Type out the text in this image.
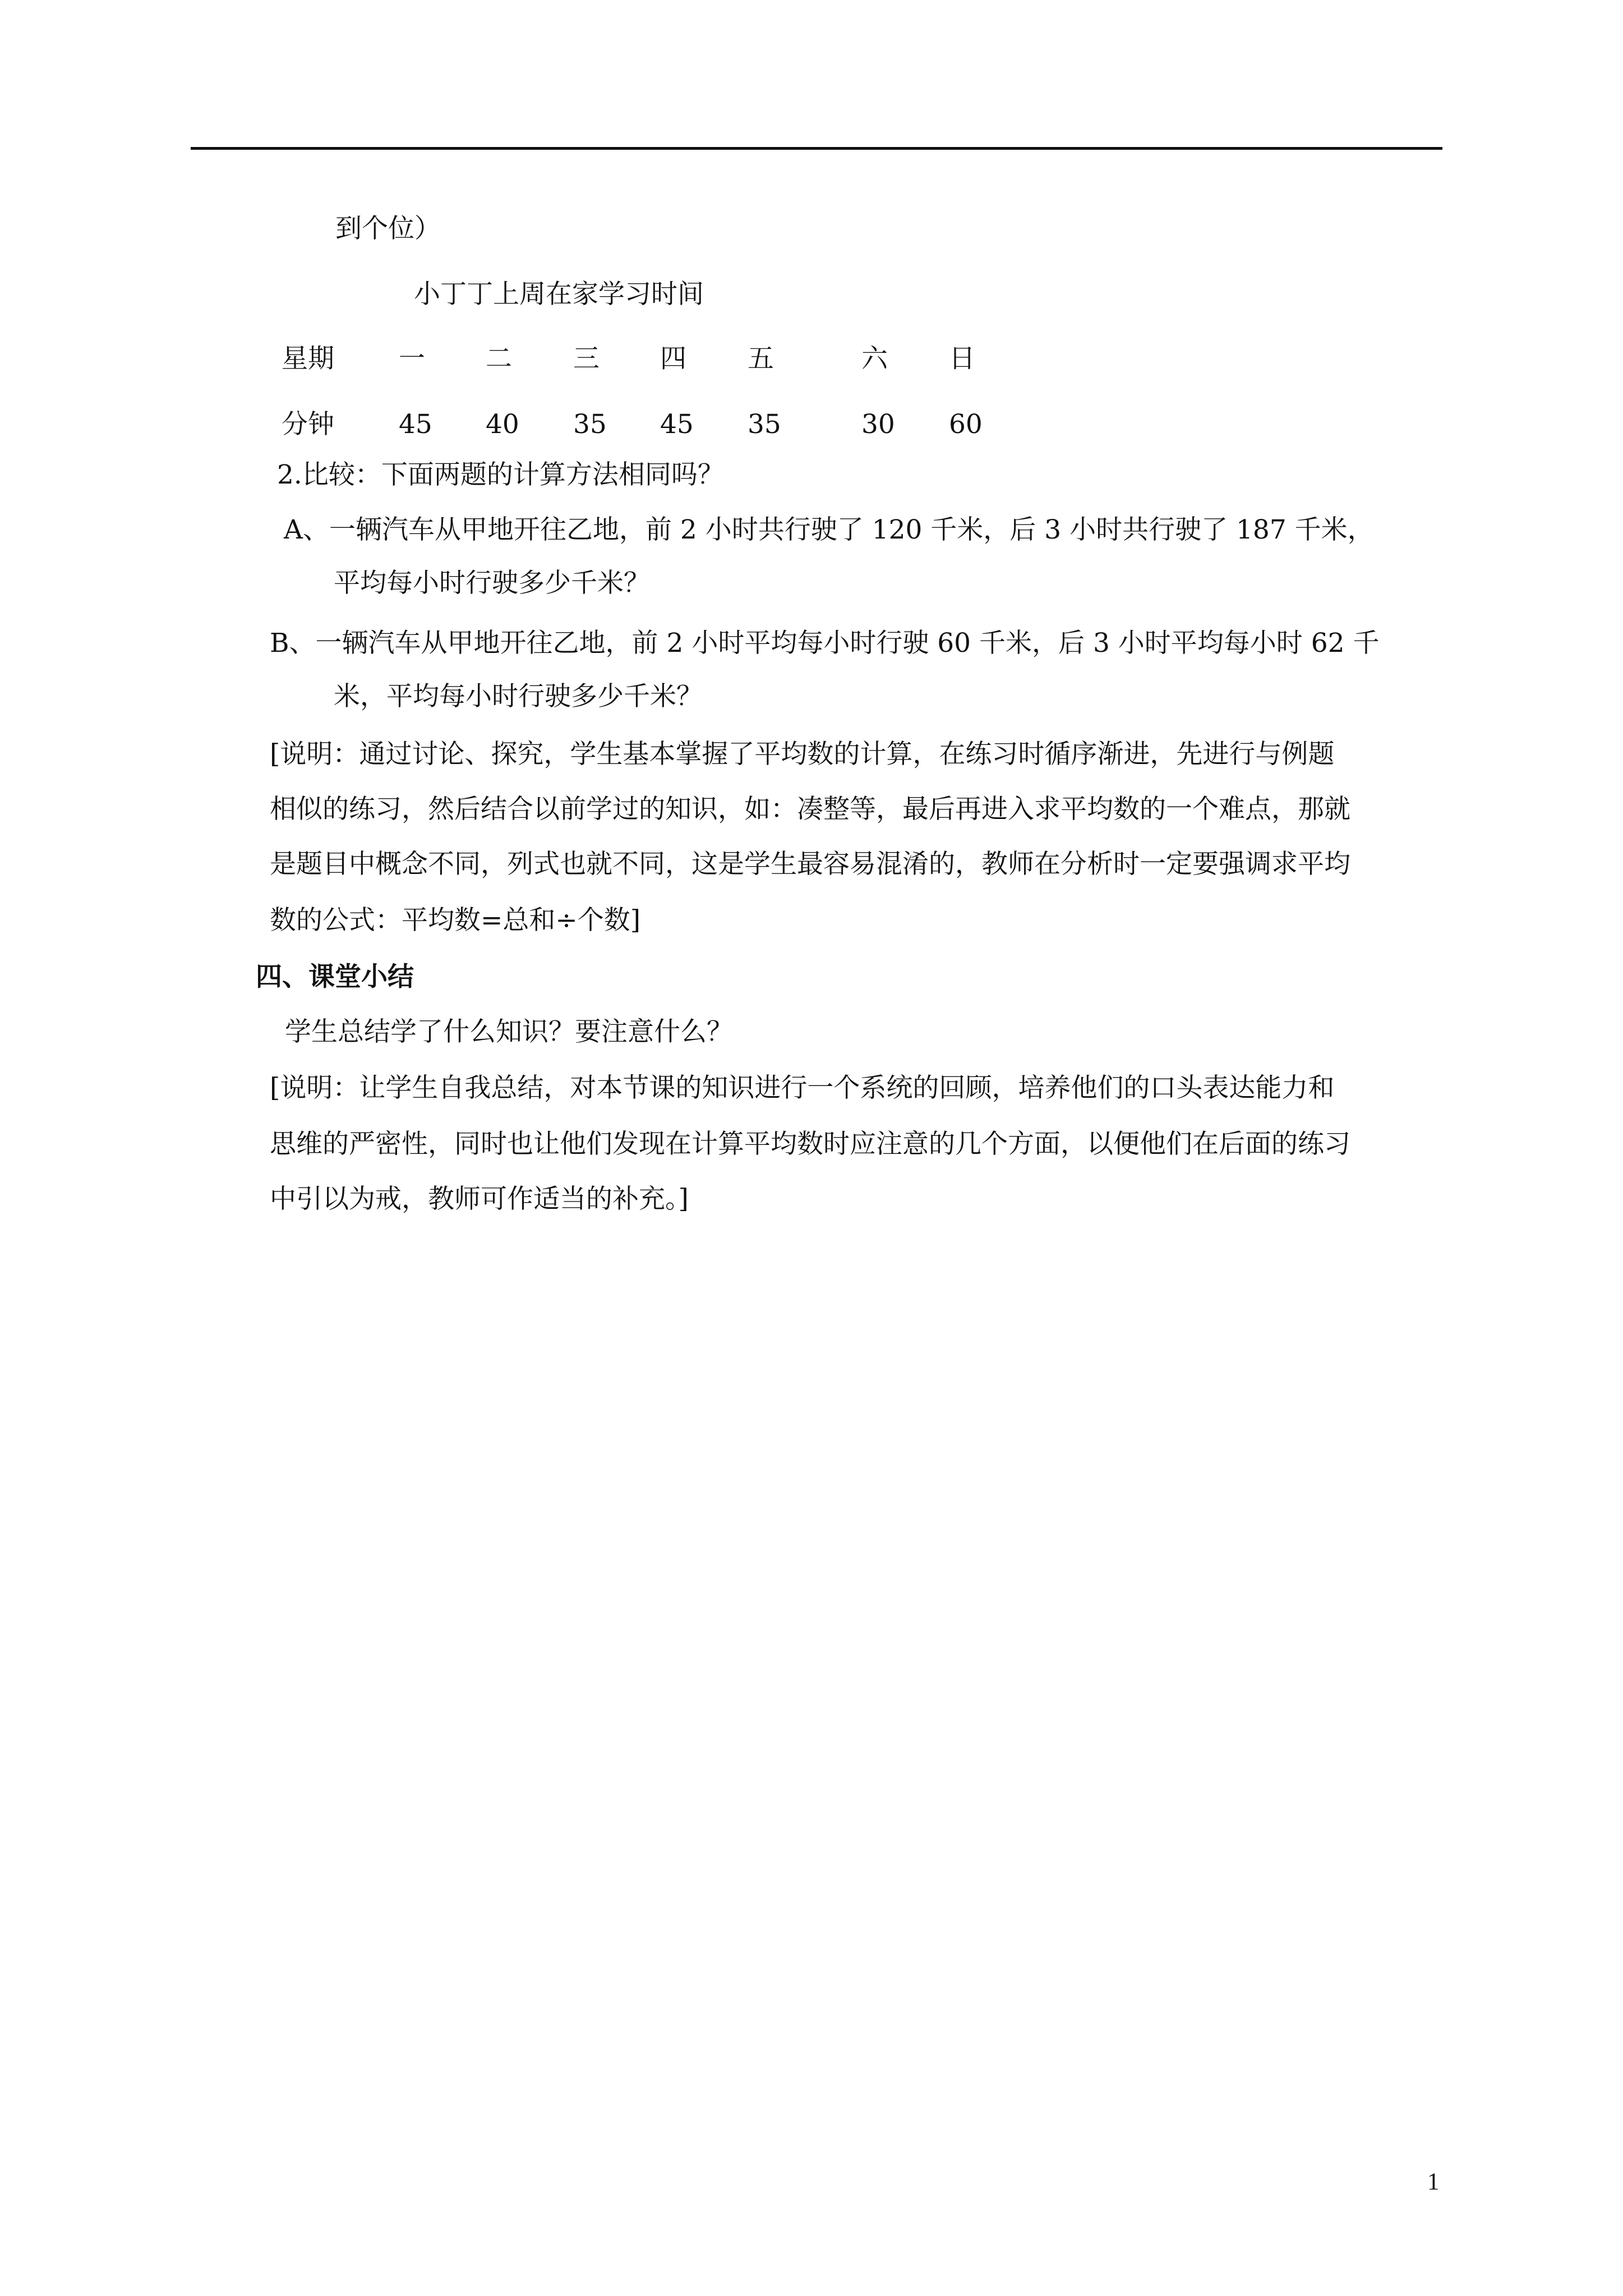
到个位）
小丁丁上周在家学习时间
星期 一 二 三 四 五	六 日
分钟 45 40 35 45 35	30 60
2.比较：下面两题的计算方法相同吗？
A、一辆汽车从甲地开往乙地，前 2 小时共行驶了 120 千米，后 3 小时共行驶了 187 千米，
平均每小时行驶多少千米？
B、一辆汽车从甲地开往乙地，前 2 小时平均每小时行驶 60 千米，后 3 小时平均每小时 62 千
米，平均每小时行驶多少千米？
[说明：通过讨论、探究，学生基本掌握了平均数的计算，在练习时循序渐进，先进行与例题
相似的练习，然后结合以前学过的知识，如：凑整等，最后再进入求平均数的一个难点，那就
是题目中概念不同，列式也就不同，这是学生最容易混淆的，教师在分析时一定要强调求平均
数的公式：平均数=总和÷个数]
四、课堂小结
学生总结学了什么知识？要注意什么？
[说明：让学生自我总结，对本节课的知识进行一个系统的回顾，培养他们的口头表达能力和
思维的严密性，同时也让他们发现在计算平均数时应注意的几个方面，以便他们在后面的练习
中引以为戒，教师可作适当的补充。]
1
